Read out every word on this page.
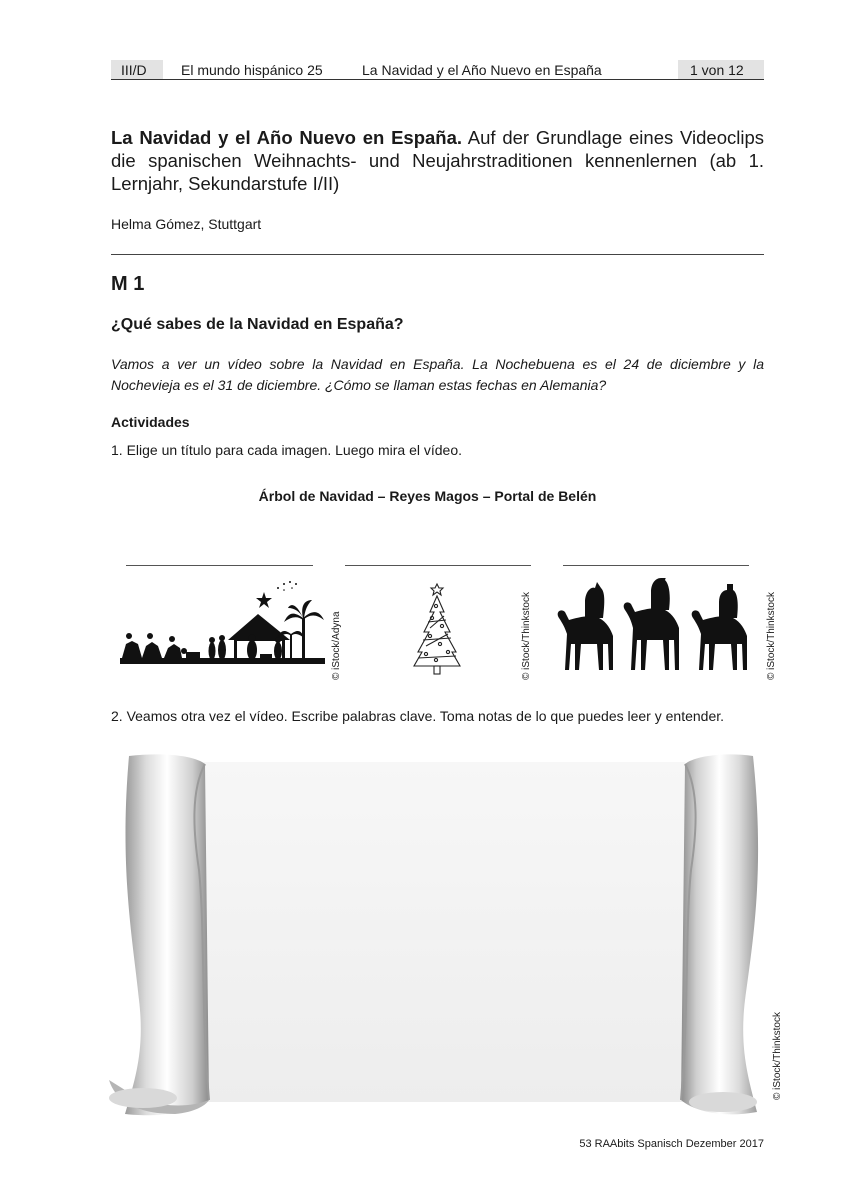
III/D El mundo hispánico 25	La Navidad y el Año Nuevo en España	1 von 12
La Navidad y el Año Nuevo en España. Auf der Grundlage eines Videoclips die spanischen Weihnachts- und Neujahrstraditionen kennenlernen (ab 1. Lernjahr, Sekundarstufe I/II)
Helma Gómez, Stuttgart
M 1
¿Qué sabes de la Navidad en España?
Vamos a ver un vídeo sobre la Navidad en España. La Nochebuena es el 24 de diciembre y la Nochevieja es el 31 de diciembre. ¿Cómo se llaman estas fechas en Alemania?
Actividades
1. Elige un título para cada imagen. Luego mira el vídeo.
Árbol de Navidad – Reyes Magos – Portal de Belén
© iStock/Adyna	© iStock/Thinkstock	© iStock/Thinkstock
2. Veamos otra vez el vídeo. Escribe palabras clave. Toma notas de lo que puedes leer y entender.
© iStock/Thinkstock
53 RAAbits Spanisch Dezember 2017
